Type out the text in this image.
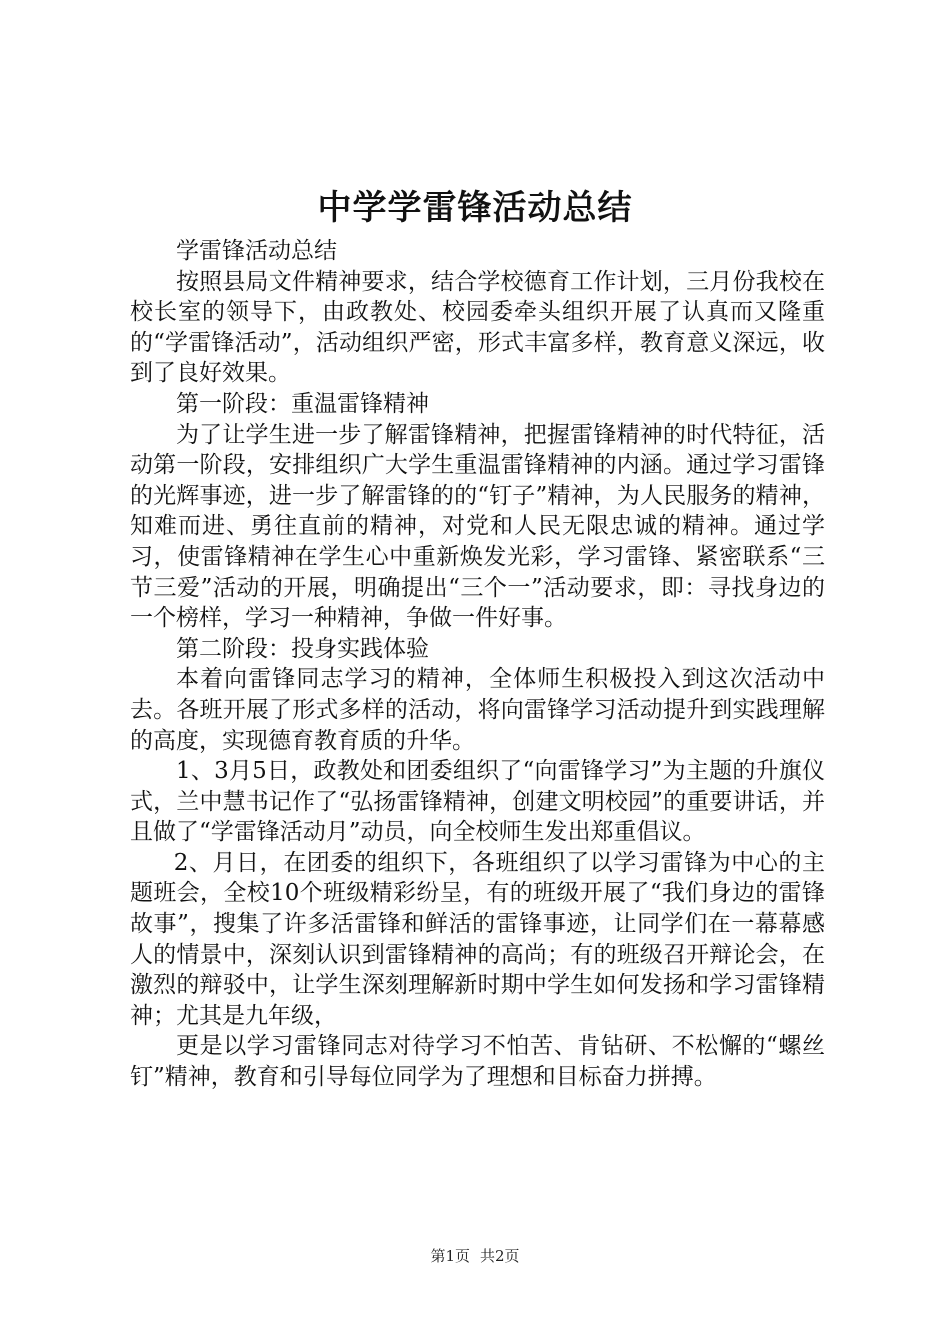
中学学雷锋活动总结

学雷锋活动总结

按照县局文件精神要求，结合学校德育工作计划，三月份我校在校长室的领导下，由政教处、校园委牵头组织开展了认真而又隆重的“学雷锋活动”，活动组织严密，形式丰富多样，教育意义深远，收到了良好效果。

第一阶段：重温雷锋精神

为了让学生进一步了解雷锋精神，把握雷锋精神的时代特征，活动第一阶段，安排组织广大学生重温雷锋精神的内涵。通过学习雷锋的光辉事迹，进一步了解雷锋的的“钉子”精神，为人民服务的精神，知难而进、勇往直前的精神，对党和人民无限忠诚的精神。通过学习，使雷锋精神在学生心中重新焕发光彩，学习雷锋、紧密联系“三节三爱”活动的开展，明确提出“三个一”活动要求，即：寻找身边的一个榜样，学习一种精神，争做一件好事。

第二阶段：投身实践体验

本着向雷锋同志学习的精神，全体师生积极投入到这次活动中去。各班开展了形式多样的活动，将向雷锋学习活动提升到实践理解的高度，实现德育教育质的升华。

1、3月5日，政教处和团委组织了“向雷锋学习”为主题的升旗仪式，兰中慧书记作了“弘扬雷锋精神，创建文明校园”的重要讲话，并且做了“学雷锋活动月”动员，向全校师生发出郑重倡议。

2、月日，在团委的组织下，各班组织了以学习雷锋为中心的主题班会，全校10个班级精彩纷呈，有的班级开展了“我们身边的雷锋故事”，搜集了许多活雷锋和鲜活的雷锋事迹，让同学们在一幕幕感人的情景中，深刻认识到雷锋精神的高尚；有的班级召开辩论会，在激烈的辩驳中，让学生深刻理解新时期中学生如何发扬和学习雷锋精神；尤其是九年级，

更是以学习雷锋同志对待学习不怕苦、肯钻研、不松懈的“螺丝钉”精神，教育和引导每位同学为了理想和目标奋力拼搏。

第1页 共2页
